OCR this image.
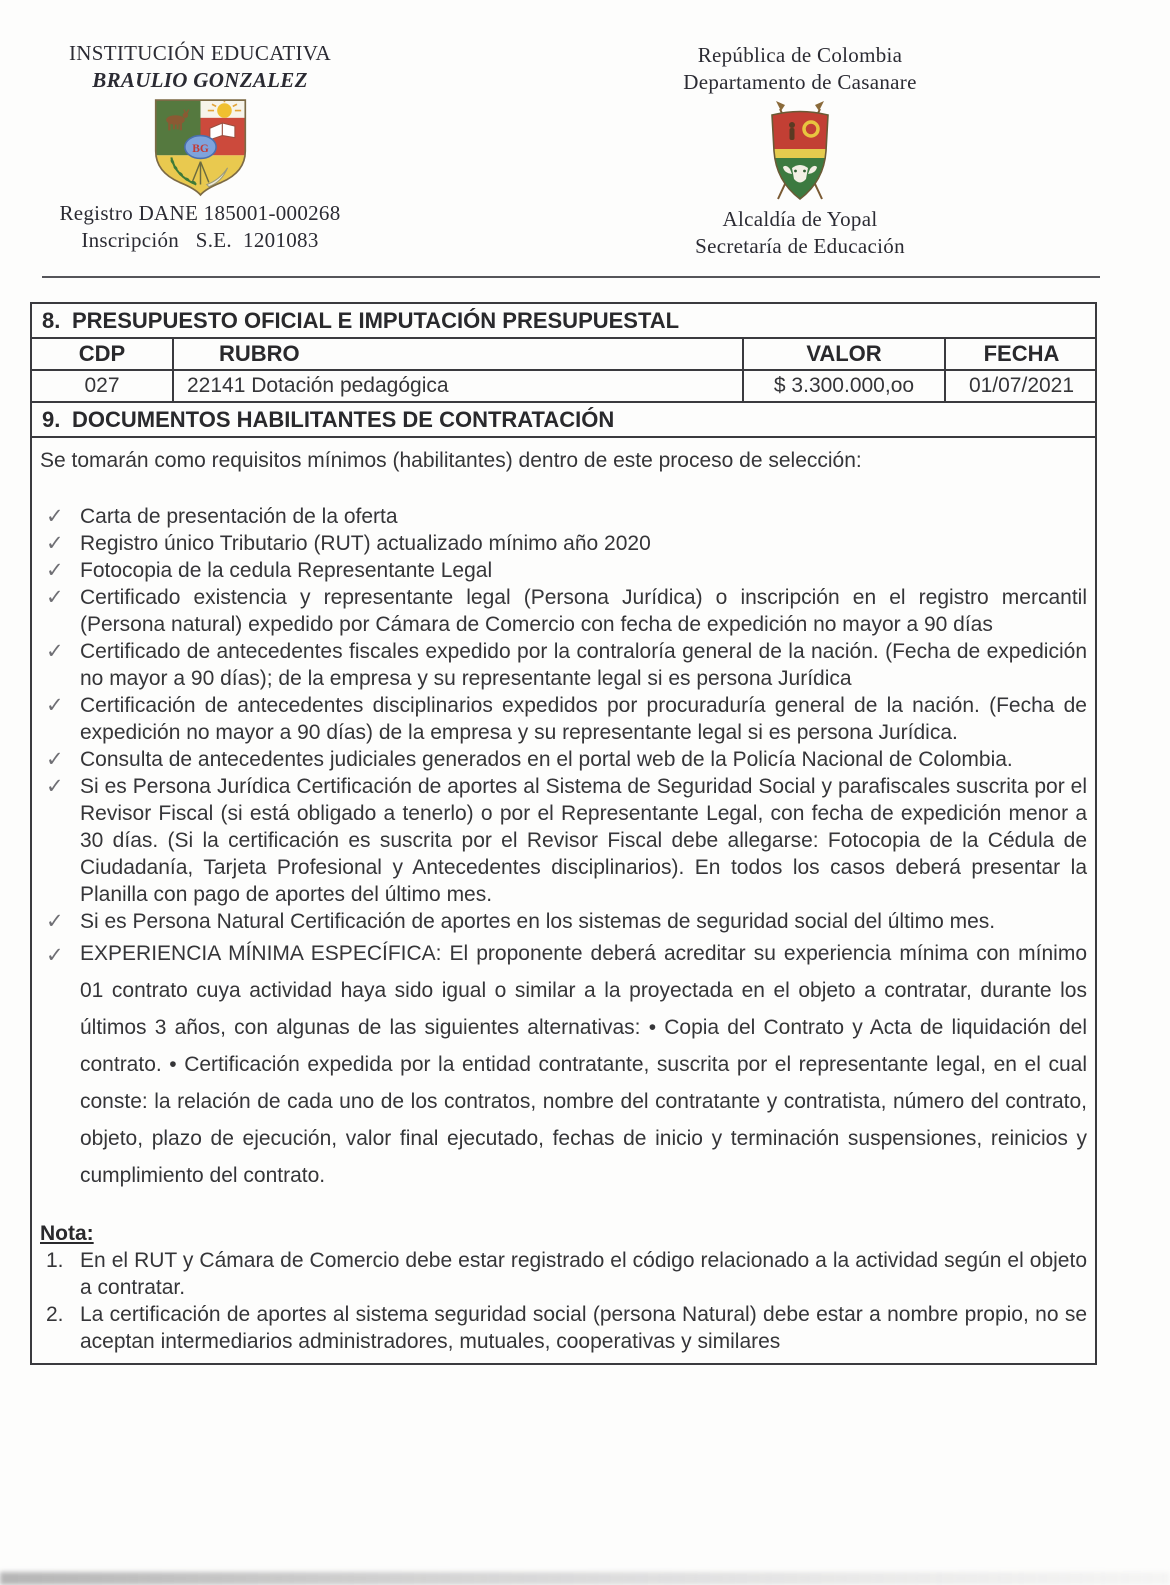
INSTITUCIÓN EDUCATIVA
BRAULIO GONZALEZ
BG
Registro DANE 185001-000268
Inscripción   S.E.  1201083
República de Colombia
Departamento de Casanare
Alcaldía de Yopal
Secretaría de Educación
8. PRESUPUESTO OFICIAL E IMPUTACIÓN PRESUPUESTAL
CDP	RUBRO	VALOR	FECHA
027	22141 Dotación pedagógica	$ 3.300.000,oo	01/07/2021
9. DOCUMENTOS HABILITANTES DE CONTRATACIÓN

Se tomarán como requisitos mínimos (habilitantes) dentro de este proceso de selección:

✓ Carta de presentación de la oferta
✓ Registro único Tributario (RUT) actualizado mínimo año 2020
✓ Fotocopia de la cedula Representante Legal
✓ Certificado existencia y representante legal (Persona Jurídica) o inscripción en el registro mercantil (Persona natural) expedido por Cámara de Comercio con fecha de expedición no mayor a 90 días
✓ Certificado de antecedentes fiscales expedido por la contraloría general de la nación. (Fecha de expedición no mayor a 90 días); de la empresa y su representante legal si es persona Jurídica
✓ Certificación de antecedentes disciplinarios expedidos por procuraduría general de la nación. (Fecha de expedición no mayor a 90 días) de la empresa y su representante legal si es persona Jurídica.
✓ Consulta de antecedentes judiciales generados en el portal web de la Policía Nacional de Colombia.
✓ Si es Persona Jurídica Certificación de aportes al Sistema de Seguridad Social y parafiscales suscrita por el Revisor Fiscal (si está obligado a tenerlo) o por el Representante Legal, con fecha de expedición menor a 30 días. (Si la certificación es suscrita por el Revisor Fiscal debe allegarse: Fotocopia de la Cédula de Ciudadanía, Tarjeta Profesional y Antecedentes disciplinarios). En todos los casos deberá presentar la Planilla con pago de aportes del último mes.
✓ Si es Persona Natural Certificación de aportes en los sistemas de seguridad social del último mes.
✓ EXPERIENCIA MÍNIMA ESPECÍFICA: El proponente deberá acreditar su experiencia mínima con mínimo 01 contrato cuya actividad haya sido igual o similar a la proyectada en el objeto a contratar, durante los últimos 3 años, con algunas de las siguientes alternativas: • Copia del Contrato y Acta de liquidación del contrato. • Certificación expedida por la entidad contratante, suscrita por el representante legal, en el cual conste: la relación de cada uno de los contratos, nombre del contratante y contratista, número del contrato, objeto, plazo de ejecución, valor final ejecutado, fechas de inicio y terminación suspensiones, reinicios y cumplimiento del contrato.

Nota:

1. En el RUT y Cámara de Comercio debe estar registrado el código relacionado a la actividad según el objeto a contratar.
2. La certificación de aportes al sistema seguridad social (persona Natural) debe estar a nombre propio, no se aceptan intermediarios administradores, mutuales, cooperativas y similares
